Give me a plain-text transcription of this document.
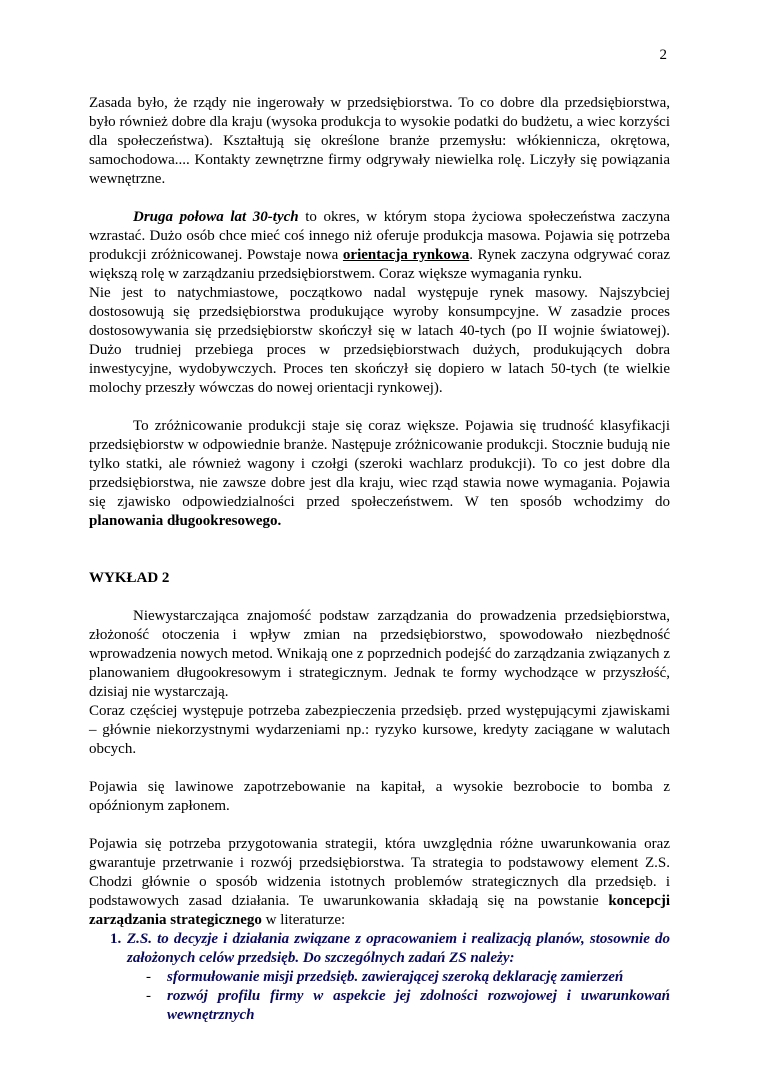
2

Zasada było, że rządy nie ingerowały w przedsiębiorstwa. To co dobre dla przedsiębiorstwa, było również dobre dla kraju (wysoka produkcja to wysokie podatki do budżetu, a wiec korzyści dla społeczeństwa). Kształtują się określone branże przemysłu: włókiennicza, okrętowa, samochodowa.... Kontakty zewnętrzne firmy odgrywały niewielka rolę. Liczyły się powiązania wewnętrzne.

Druga połowa lat 30-tych to okres, w którym stopa życiowa społeczeństwa zaczyna wzrastać. Dużo osób chce mieć coś innego niż oferuje produkcja masowa. Pojawia się potrzeba produkcji zróżnicowanej. Powstaje nowa orientacja rynkowa. Rynek zaczyna odgrywać coraz większą rolę w zarządzaniu przedsiębiorstwem. Coraz większe wymagania rynku.

Nie jest to natychmiastowe, początkowo nadal występuje rynek masowy. Najszybciej dostosowują się przedsiębiorstwa produkujące wyroby konsumpcyjne. W zasadzie proces dostosowywania się przedsiębiorstw skończył się w latach 40-tych (po II wojnie światowej). Dużo trudniej przebiega proces w przedsiębiorstwach dużych, produkujących dobra inwestycyjne, wydobywczych. Proces ten skończył się dopiero w latach 50-tych (te wielkie molochy przeszły wówczas do nowej orientacji rynkowej).

To zróżnicowanie produkcji staje się coraz większe. Pojawia się trudność klasyfikacji przedsiębiorstw w odpowiednie branże. Następuje zróżnicowanie produkcji. Stocznie budują nie tylko statki, ale również wagony i czołgi (szeroki wachlarz produkcji). To co jest dobre dla przedsiębiorstwa, nie zawsze dobre jest dla kraju, wiec rząd stawia nowe wymagania. Pojawia się zjawisko odpowiedzialności przed społeczeństwem. W ten sposób wchodzimy do planowania długookresowego.

WYKŁAD 2

Niewystarczająca znajomość podstaw zarządzania do prowadzenia przedsiębiorstwa, złożoność otoczenia i wpływ zmian na przedsiębiorstwo, spowodowało niezbędność wprowadzenia nowych metod. Wnikają one z poprzednich podejść do zarządzania związanych z planowaniem długookresowym i strategicznym. Jednak te formy wychodzące w przyszłość, dzisiaj nie wystarczają.

Coraz częściej występuje potrzeba zabezpieczenia przedsięb. przed występującymi zjawiskami – głównie niekorzystnymi wydarzeniami np.: ryzyko kursowe, kredyty zaciągane w walutach obcych.

Pojawia się lawinowe zapotrzebowanie na kapitał, a wysokie bezrobocie to bomba z opóźnionym zapłonem.

Pojawia się potrzeba przygotowania strategii, która uwzględnia różne uwarunkowania oraz gwarantuje przetrwanie i rozwój przedsiębiorstwa. Ta strategia to podstawowy element Z.S. Chodzi głównie o sposób widzenia istotnych problemów strategicznych dla przedsięb. i podstawowych zasad działania. Te uwarunkowania składają się na powstanie koncepcji zarządzania strategicznego w literaturze:

1. Z.S. to decyzje i działania związane z opracowaniem i realizacją planów, stosownie do założonych celów przedsięb. Do szczególnych zadań ZS należy:
- sformułowanie misji przedsięb. zawierającej szeroką deklarację zamierzeń
- rozwój profilu firmy w aspekcie jej zdolności rozwojowej i uwarunkowań wewnętrznych
